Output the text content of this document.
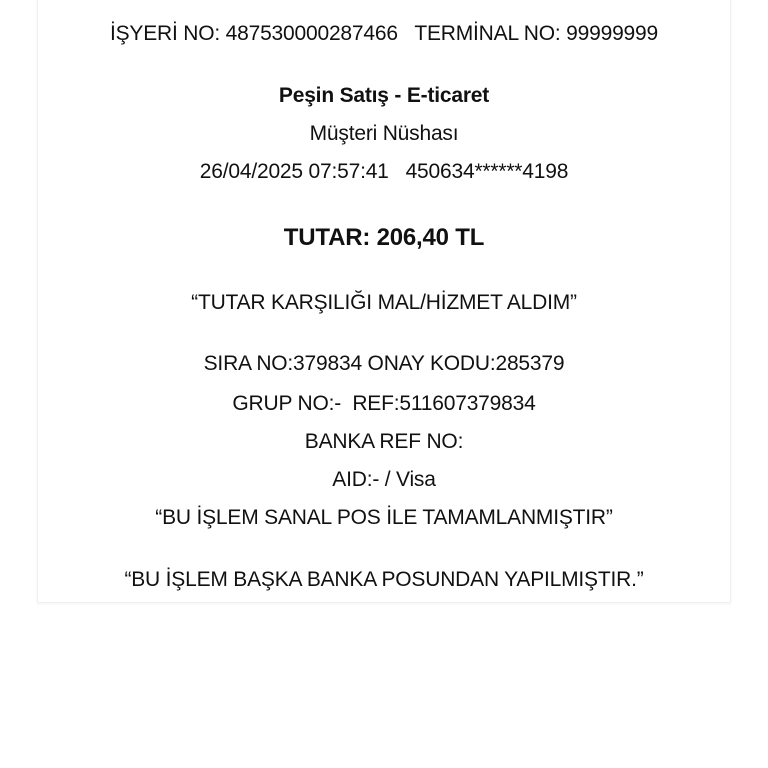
İŞYERİ NO: 487530000287466   TERMİNAL NO: 99999999
Peşin Satış - E-ticaret
Müşteri Nüshası
26/04/2025 07:57:41   450634******4198
TUTAR: 206,40 TL
“TUTAR KARŞILIĞI MAL/HİZMET ALDIM”
SIRA NO:379834 ONAY KODU:285379
GRUP NO:-  REF:511607379834
BANKA REF NO:
AID:- / Visa
“BU İŞLEM SANAL POS İLE TAMAMLANMIŞTIR”
“BU İŞLEM BAŞKA BANKA POSUNDAN YAPILMIŞTIR.”
